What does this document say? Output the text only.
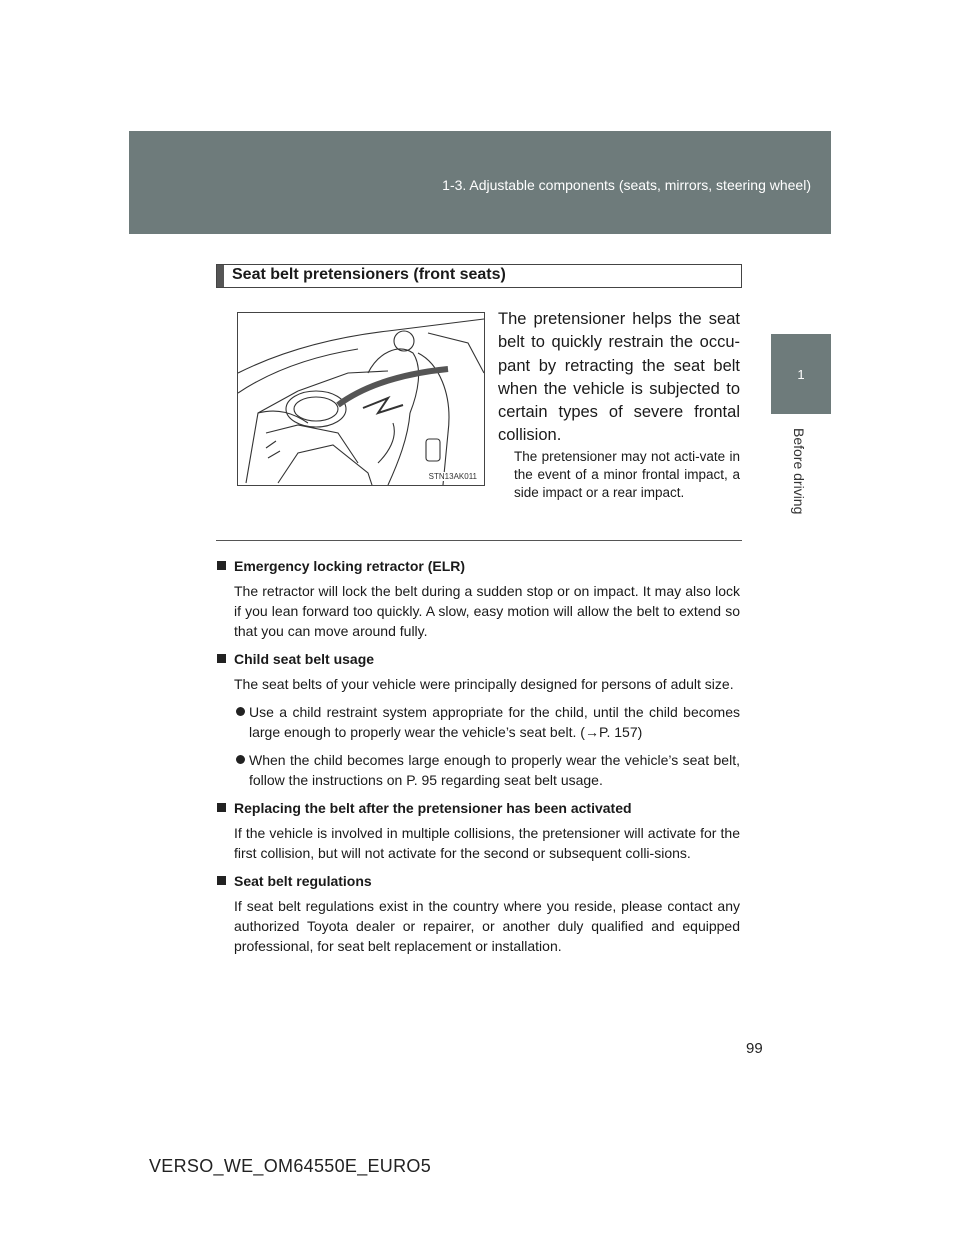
1-3. Adjustable components (seats, mirrors, steering wheel)
1
Before driving
Seat belt pretensioners (front seats)
STN13AK011
The pretensioner helps the seat belt to quickly restrain the occu-pant by retracting the seat belt when the vehicle is subjected to certain types of severe frontal collision.
The pretensioner may not acti-vate in the event of a minor frontal impact, a side impact or a rear impact.
Emergency locking retractor (ELR)
The retractor will lock the belt during a sudden stop or on impact. It may also lock if you lean forward too quickly. A slow, easy motion will allow the belt to extend so that you can move around fully.
Child seat belt usage
The seat belts of your vehicle were principally designed for persons of adult size.
Use a child restraint system appropriate for the child, until the child becomes large enough to properly wear the vehicle’s seat belt. (→P. 157)
When the child becomes large enough to properly wear the vehicle’s seat belt, follow the instructions on P. 95 regarding seat belt usage.
Replacing the belt after the pretensioner has been activated
If the vehicle is involved in multiple collisions, the pretensioner will activate for the first collision, but will not activate for the second or subsequent colli-sions.
Seat belt regulations
If seat belt regulations exist in the country where you reside, please contact any authorized Toyota dealer or repairer, or another duly qualified and equipped professional, for seat belt replacement or installation.
99
VERSO_WE_OM64550E_EURO5
